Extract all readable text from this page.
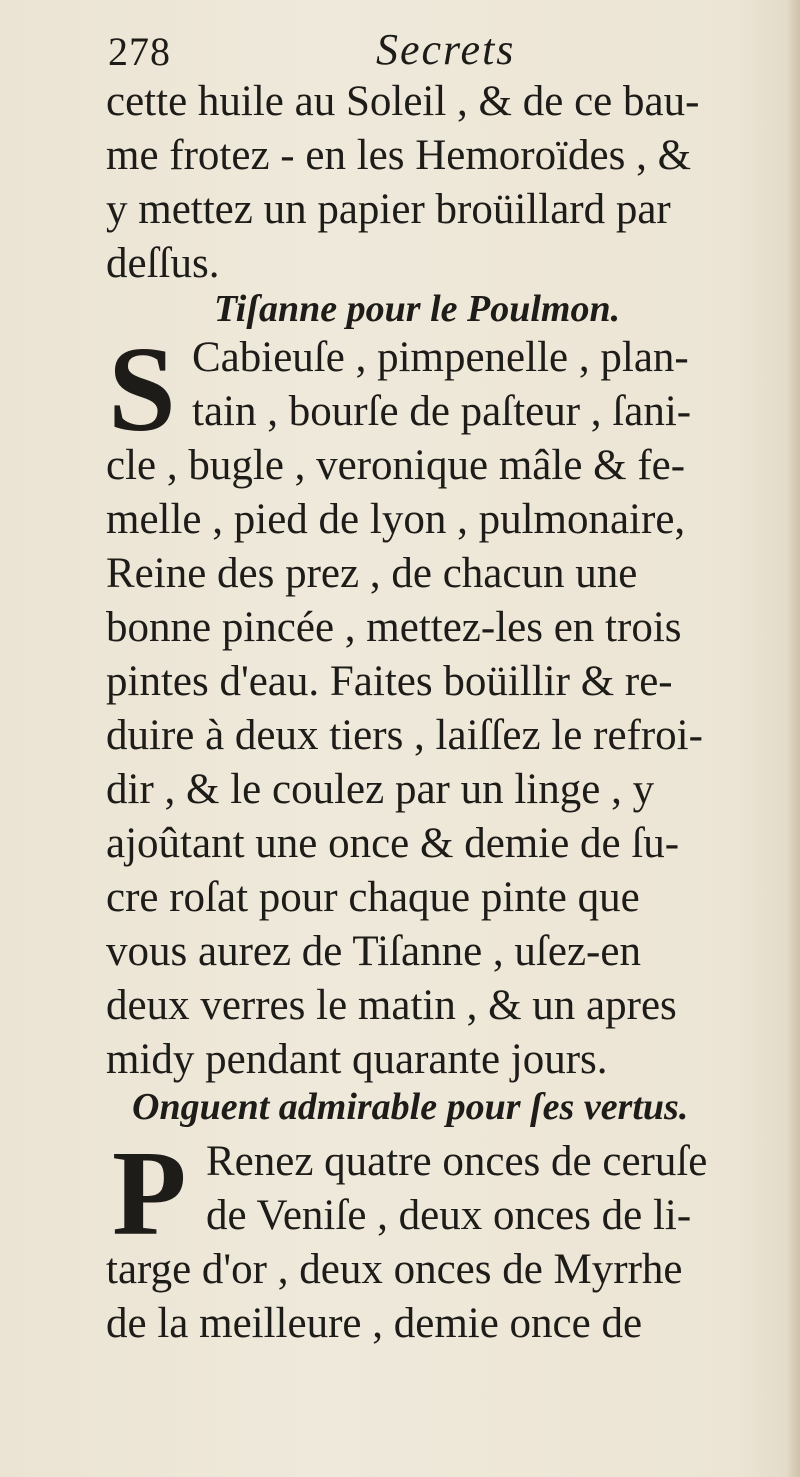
278	Secrets
cette huile au Soleil , & de ce bau-
me frotez - en les Hemoroïdes , &
y mettez un papier broüillard par
deſſus.
Tiſanne pour le Poulmon.
S Cabieuſe , pimpenelle , plan-
tain , bourſe de paſteur , ſani-
cle , bugle , veronique mâle & fe-
melle , pied de lyon , pulmonaire,
Reine des prez , de chacun une
bonne pincée , mettez-les en trois
pintes d'eau. Faites boüillir & re-
duire à deux tiers , laiſſez le refroi-
dir , & le coulez par un linge , y
ajoûtant une once & demie de ſu-
cre roſat pour chaque pinte que
vous aurez de Tiſanne , uſez-en
deux verres le matin , & un apres
midy pendant quarante jours.
Onguent admirable pour ſes vertus.
P Renez quatre onces de ceruſe
de Veniſe , deux onces de li-
targe d'or , deux onces de Myrrhe
de la meilleure , demie once de
